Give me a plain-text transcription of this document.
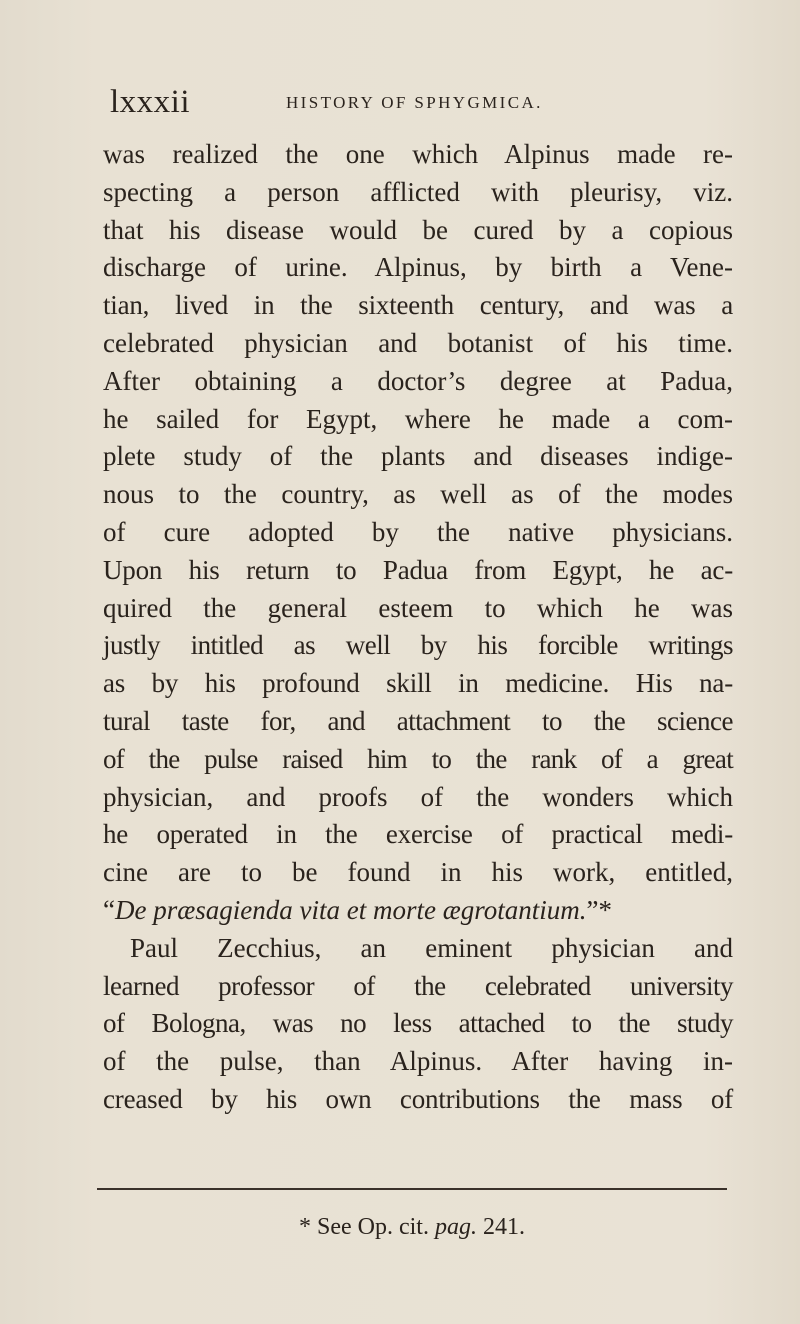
lxxxii	HISTORY OF SPHYGMICA.
was realized the one which Alpinus made re-
specting a person afflicted with pleurisy, viz.
that his disease would be cured by a copious
discharge of urine. Alpinus, by birth a Vene-
tian, lived in the sixteenth century, and was a
celebrated physician and botanist of his time.
After obtaining a doctor’s degree at Padua,
he sailed for Egypt, where he made a com-
plete study of the plants and diseases indige-
nous to the country, as well as of the modes
of cure adopted by the native physicians.
Upon his return to Padua from Egypt, he ac-
quired the general esteem to which he was
justly intitled as well by his forcible writings
as by his profound skill in medicine. His na-
tural taste for, and attachment to the science
of the pulse raised him to the rank of a great
physician, and proofs of the wonders which
he operated in the exercise of practical medi-
cine are to be found in his work, entitled,
“De præsagienda vita et morte ægrotantium.”*
Paul Zecchius, an eminent physician and
learned professor of the celebrated university
of Bologna, was no less attached to the study
of the pulse, than Alpinus. After having in-
creased by his own contributions the mass of
* See Op. cit. pag. 241.
